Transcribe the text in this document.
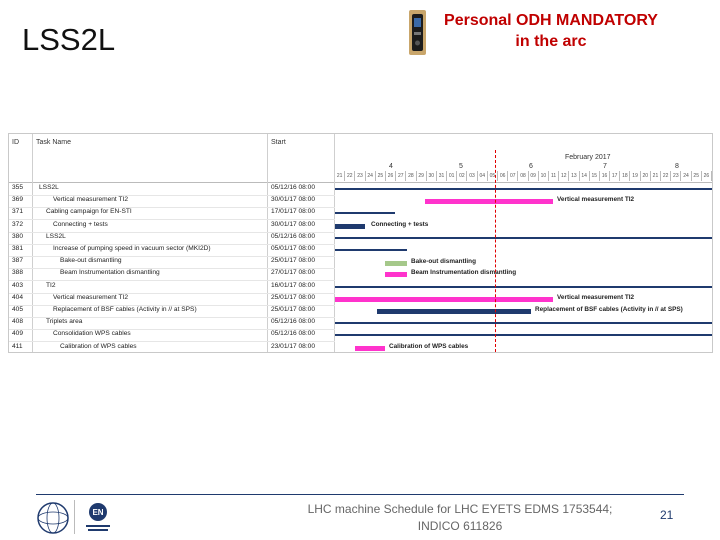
LSS2L
Personal ODH MANDATORY
in the arc
ID Task Name	Start
355 LSS2L	05/12/16 08:00
369	Vertical measurement TI2	30/01/17 08:00
371	Cabling campaign for EN-STI	17/01/17 08:00
372	Connecting + tests	30/01/17 08:00
380	LSS2L	05/12/16 08:00
381	Increase of pumping speed in vacuum sector (MKI2D)	05/01/17 08:00
387	Bake-out dismantling	25/01/17 08:00
388	Beam Instrumentation dismantling	27/01/17 08:00
403	TI2	16/01/17 08:00
404	Vertical measurement TI2	25/01/17 08:00
405	Replacement of BSF cables (Activity in // at SPS)	25/01/17 08:00
408	Triplets area	05/12/16 08:00
409	Consolidation WPS cables	05/12/16 08:00
411	Calibration of WPS cables	23/01/17 08:00
February 2017
21 22 23 24 25 26 27 28 29 30 31 01 02 03 04 05 06 07 08 09 10 11 12 13 14 15 16 17 18 19 20 21 22 23 24 25 26
4	5	6	7	8
Vertical measurement TI2
Connecting + tests
Bake-out dismantling
Beam Instrumentation dismantling
Vertical measurement TI2
Replacement of BSF cables (Activity in // at SPS)
Calibration of WPS cables
EN	LHC machine Schedule for LHC EYETS EDMS 1753544;
INDICO 611826
21
